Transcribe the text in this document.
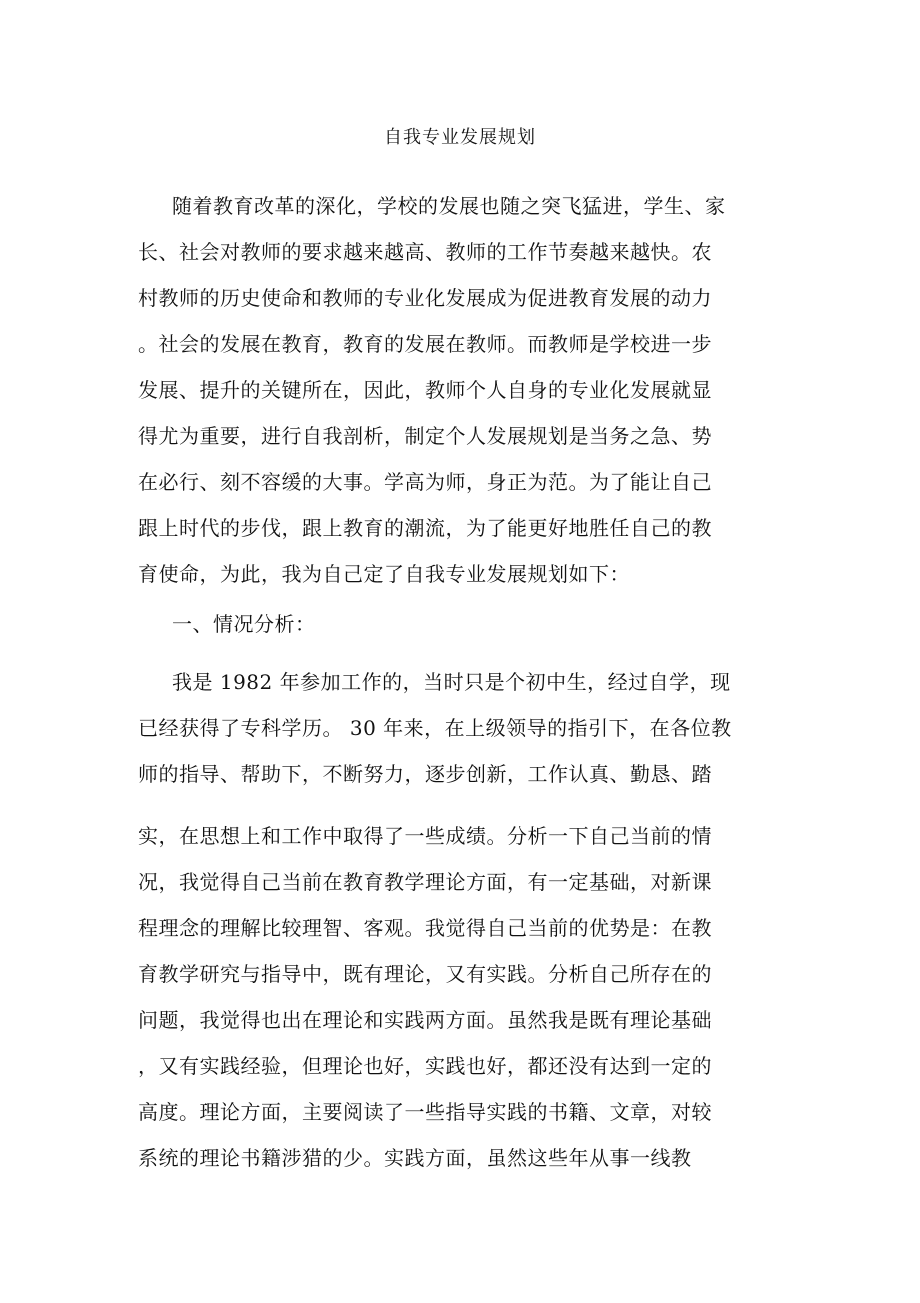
自我专业发展规划
随着教育改革的深化，学校的发展也随之突飞猛进，学生、家
长、社会对教师的要求越来越高、教师的工作节奏越来越快。农
村教师的历史使命和教师的专业化发展成为促进教育发展的动力
。社会的发展在教育，教育的发展在教师。而教师是学校进一步
发展、提升的关键所在，因此，教师个人自身的专业化发展就显
得尤为重要，进行自我剖析，制定个人发展规划是当务之急、势
在必行、刻不容缓的大事。学高为师，身正为范。为了能让自己
跟上时代的步伐，跟上教育的潮流，为了能更好地胜任自己的教
育使命，为此，我为自己定了自我专业发展规划如下：
一、情况分析：
我是 1982 年参加工作的，当时只是个初中生，经过自学，现
已经获得了专科学历。 30 年来，在上级领导的指引下，在各位教
师的指导、帮助下，不断努力，逐步创新，工作认真、勤恳、踏
实，在思想上和工作中取得了一些成绩。分析一下自己当前的情
况，我觉得自己当前在教育教学理论方面，有一定基础，对新课
程理念的理解比较理智、客观。我觉得自己当前的优势是：在教
育教学研究与指导中，既有理论，又有实践。分析自己所存在的
问题，我觉得也出在理论和实践两方面。虽然我是既有理论基础
，又有实践经验，但理论也好，实践也好，都还没有达到一定的
高度。理论方面，主要阅读了一些指导实践的书籍、文章，对较
系统的理论书籍涉猎的少。实践方面，虽然这些年从事一线教
